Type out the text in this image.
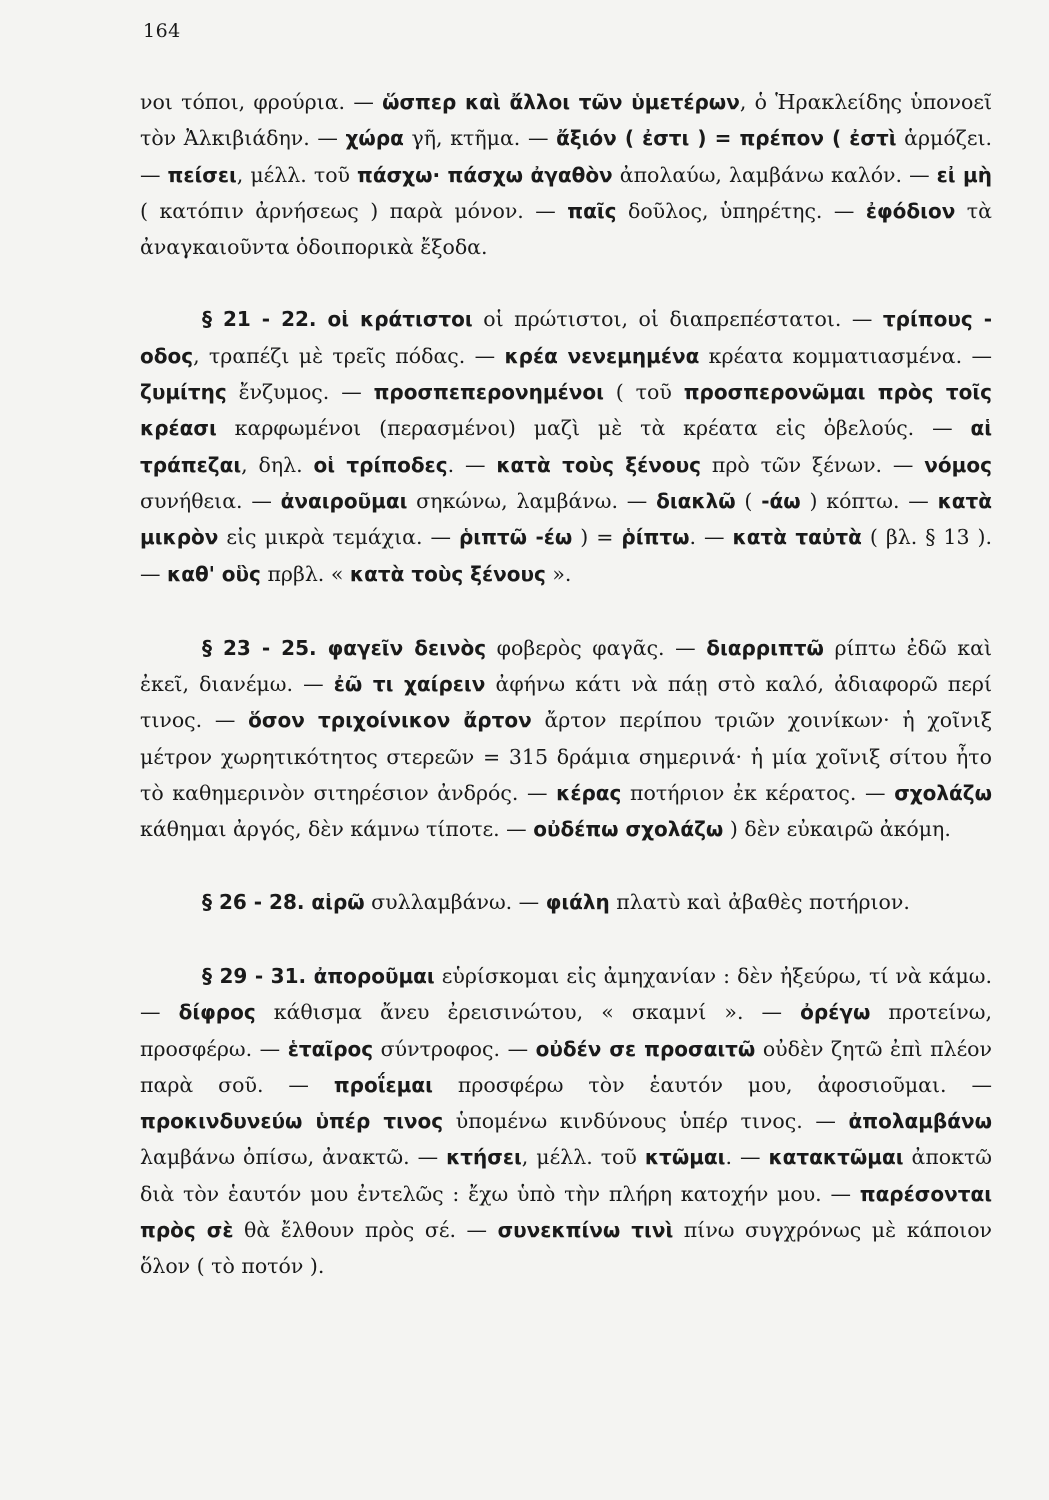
164

νοι τόποι, φρούρια. — ὥσπερ καὶ ἄλλοι τῶν ὑμετέρων, ὁ Ἡρακλείδης ὑπονοεῖ τὸν Ἀλκιβιάδην. — χώρα γῆ, κτῆμα. — ἄξιόν ( ἐστι ) = πρέπον ( ἐστὶ ἁρμόζει. — πείσει, μέλλ. τοῦ πάσχω· πάσχω ἀγαθὸν ἀπολαύω, λαμβάνω καλόν. — εἰ μὴ ( κατόπιν ἀρνήσεως ) παρὰ μόνον. — παῖς δοῦλος, ὑπηρέτης. — ἐφόδιον τὰ ἀναγκαιοῦντα ὁδοιπορικὰ ἔξοδα.

§ 21 - 22. οἱ κράτιστοι οἱ πρώτιστοι, οἱ διαπρεπέστατοι. — τρίπους - οδος, τραπέζι μὲ τρεῖς πόδας. — κρέα νενεμημένα κρέατα κομματιασμένα. — ζυμίτης ἔνζυμος. — προσπεπερονημένοι ( τοῦ προσπερονῶμαι πρὸς τοῖς κρέασι καρφωμένοι (περασμένοι) μαζὶ μὲ τὰ κρέατα εἰς ὀβελούς. — αἱ τράπεζαι, δηλ. οἱ τρίποδες. — κατὰ τοὺς ξένους πρὸ τῶν ξένων. — νόμος συνήθεια. — ἀναιροῦμαι σηκώνω, λαμβάνω. — διακλῶ ( -άω ) κόπτω. — κατὰ μικρὸν εἰς μικρὰ τεμάχια. — ῥιπτῶ -έω ) = ῥίπτω. — κατὰ ταὐτὰ ( βλ. § 13 ). — καθ' οὓς πρβλ. « κατὰ τοὺς ξένους ».

§ 23 - 25. φαγεῖν δεινὸς φοβερὸς φαγᾶς. — διαρριπτῶ ρίπτω ἐδῶ καὶ ἐκεῖ, διανέμω. — ἐῶ τι χαίρειν ἀφήνω κάτι νὰ πάῃ στὸ καλό, ἀδιαφορῶ περί τινος. — ὅσον τριχοίνικον ἄρτον ἄρτον περίπου τριῶν χοινίκων· ἡ χοῖνιξ μέτρον χωρητικότητος στερεῶν = 315 δράμια σημερινά· ἡ μία χοῖνιξ σίτου ἦτο τὸ καθημερινὸν σιτηρέσιον ἀνδρός. — κέρας ποτήριον ἐκ κέρατος. — σχολάζω κάθημαι ἀργός, δὲν κάμνω τίποτε. — οὐδέπω σχολάζω ) δὲν εὐκαιρῶ ἀκόμη.

§ 26 - 28. αἱρῶ συλλαμβάνω. — φιάλη πλατὺ καὶ ἀβαθὲς ποτήριον.

§ 29 - 31. ἀποροῦμαι εὑρίσκομαι εἰς ἀμηχανίαν : δὲν ἠξεύρω, τί νὰ κάμω. — δίφρος κάθισμα ἄνευ ἐρεισινώτου, « σκαμνί ». — ὀρέγω προτείνω, προσφέρω. — ἑταῖρος σύντροφος. — οὐδέν σε προσαιτῶ οὐδὲν ζητῶ ἐπὶ πλέον παρὰ σοῦ. — προΐεμαι προσφέρω τὸν ἑαυτόν μου, ἀφοσιοῦμαι. — προκινδυνεύω ὑπέρ τινος ὑπομένω κινδύνους ὑπέρ τινος. — ἀπολαμβάνω λαμβάνω ὀπίσω, ἀνακτῶ. — κτήσει, μέλλ. τοῦ κτῶμαι. — κατακτῶμαι ἀποκτῶ διὰ τὸν ἑαυτόν μου ἐντελῶς : ἔχω ὑπὸ τὴν πλήρη κατοχήν μου. — παρέσονται πρὸς σὲ θὰ ἔλθουν πρὸς σέ. — συνεκπίνω τινὶ πίνω συγχρόνως μὲ κάποιον ὅλον ( τὸ ποτόν ).
